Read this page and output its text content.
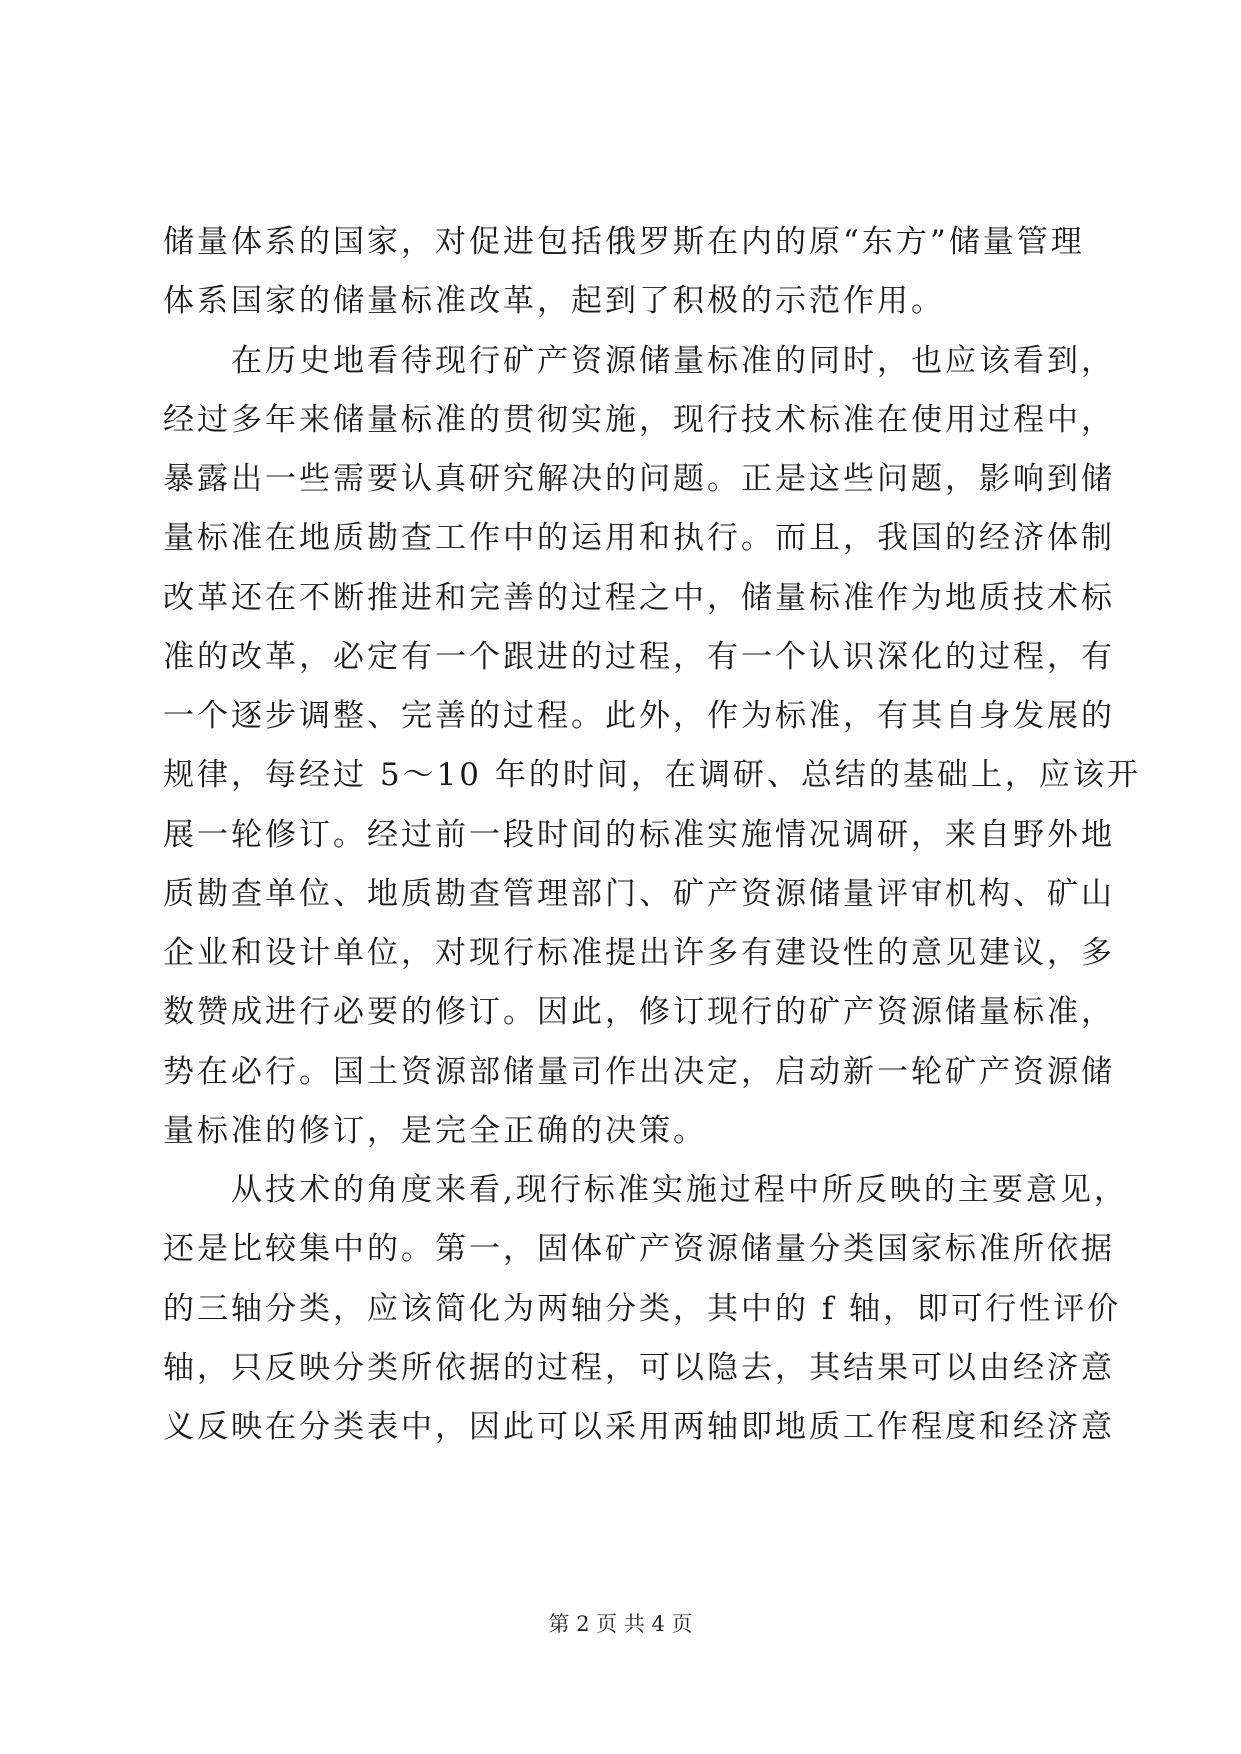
储量体系的国家，对促进包括俄罗斯在内的原“东方”储量管理
体系国家的储量标准改革，起到了积极的示范作用。
　　在历史地看待现行矿产资源储量标准的同时，也应该看到，
经过多年来储量标准的贯彻实施，现行技术标准在使用过程中，
暴露出一些需要认真研究解决的问题。正是这些问题，影响到储
量标准在地质勘查工作中的运用和执行。而且，我国的经济体制
改革还在不断推进和完善的过程之中，储量标准作为地质技术标
准的改革，必定有一个跟进的过程，有一个认识深化的过程，有
一个逐步调整、完善的过程。此外，作为标准，有其自身发展的
规律，每经过 5～10 年的时间，在调研、总结的基础上，应该开
展一轮修订。经过前一段时间的标准实施情况调研，来自野外地
质勘查单位、地质勘查管理部门、矿产资源储量评审机构、矿山
企业和设计单位，对现行标准提出许多有建设性的意见建议，多
数赞成进行必要的修订。因此，修订现行的矿产资源储量标准，
势在必行。国土资源部储量司作出决定，启动新一轮矿产资源储
量标准的修订，是完全正确的决策。
　　从技术的角度来看,现行标准实施过程中所反映的主要意见，
还是比较集中的。第一，固体矿产资源储量分类国家标准所依据
的三轴分类，应该简化为两轴分类，其中的 f 轴，即可行性评价
轴，只反映分类所依据的过程，可以隐去，其结果可以由经济意
义反映在分类表中，因此可以采用两轴即地质工作程度和经济意
第 2 页 共 4 页
